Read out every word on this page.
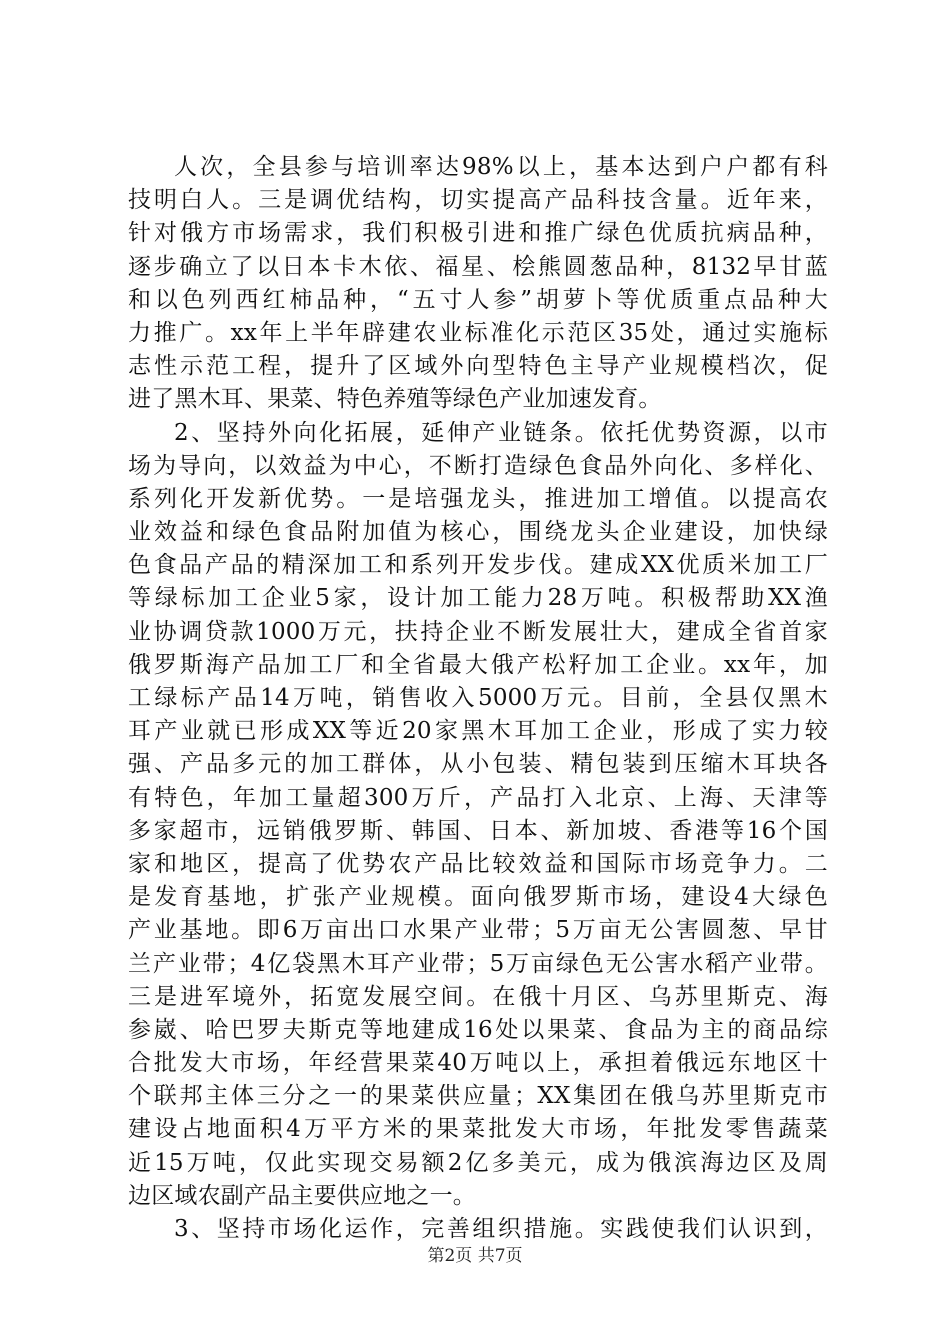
人次，全县参与培训率达98%以上，基本达到户户都有科
技明白人。三是调优结构，切实提高产品科技含量。近年来，
针对俄方市场需求，我们积极引进和推广绿色优质抗病品种，
逐步确立了以日本卡木依、福星、桧熊圆葱品种，8132早甘蓝
和以色列西红柿品种，“五寸人参”胡萝卜等优质重点品种大
力推广。xx年上半年辟建农业标准化示范区35处，通过实施标
志性示范工程，提升了区域外向型特色主导产业规模档次，促
进了黑木耳、果菜、特色养殖等绿色产业加速发育。
2、坚持外向化拓展，延伸产业链条。依托优势资源，以市
场为导向，以效益为中心，不断打造绿色食品外向化、多样化、
系列化开发新优势。一是培强龙头，推进加工增值。以提高农
业效益和绿色食品附加值为核心，围绕龙头企业建设，加快绿
色食品产品的精深加工和系列开发步伐。建成XX优质米加工厂
等绿标加工企业5家，设计加工能力28万吨。积极帮助XX渔
业协调贷款1000万元，扶持企业不断发展壮大，建成全省首家
俄罗斯海产品加工厂和全省最大俄产松籽加工企业。xx年，加
工绿标产品14万吨，销售收入5000万元。目前，全县仅黑木
耳产业就已形成XX等近20家黑木耳加工企业，形成了实力较
强、产品多元的加工群体，从小包装、精包装到压缩木耳块各
有特色，年加工量超300万斤，产品打入北京、上海、天津等
多家超市，远销俄罗斯、韩国、日本、新加坡、香港等16个国
家和地区，提高了优势农产品比较效益和国际市场竞争力。二
是发育基地，扩张产业规模。面向俄罗斯市场，建设4大绿色
产业基地。即6万亩出口水果产业带；5万亩无公害圆葱、早甘
兰产业带；4亿袋黑木耳产业带；5万亩绿色无公害水稻产业带。
三是进军境外，拓宽发展空间。在俄十月区、乌苏里斯克、海
参崴、哈巴罗夫斯克等地建成16处以果菜、食品为主的商品综
合批发大市场，年经营果菜40万吨以上，承担着俄远东地区十
个联邦主体三分之一的果菜供应量；XX集团在俄乌苏里斯克市
建设占地面积4万平方米的果菜批发大市场，年批发零售蔬菜
近15万吨，仅此实现交易额2亿多美元，成为俄滨海边区及周
边区域农副产品主要供应地之一。
3、坚持市场化运作，完善组织措施。实践使我们认识到，
第2页 共7页
